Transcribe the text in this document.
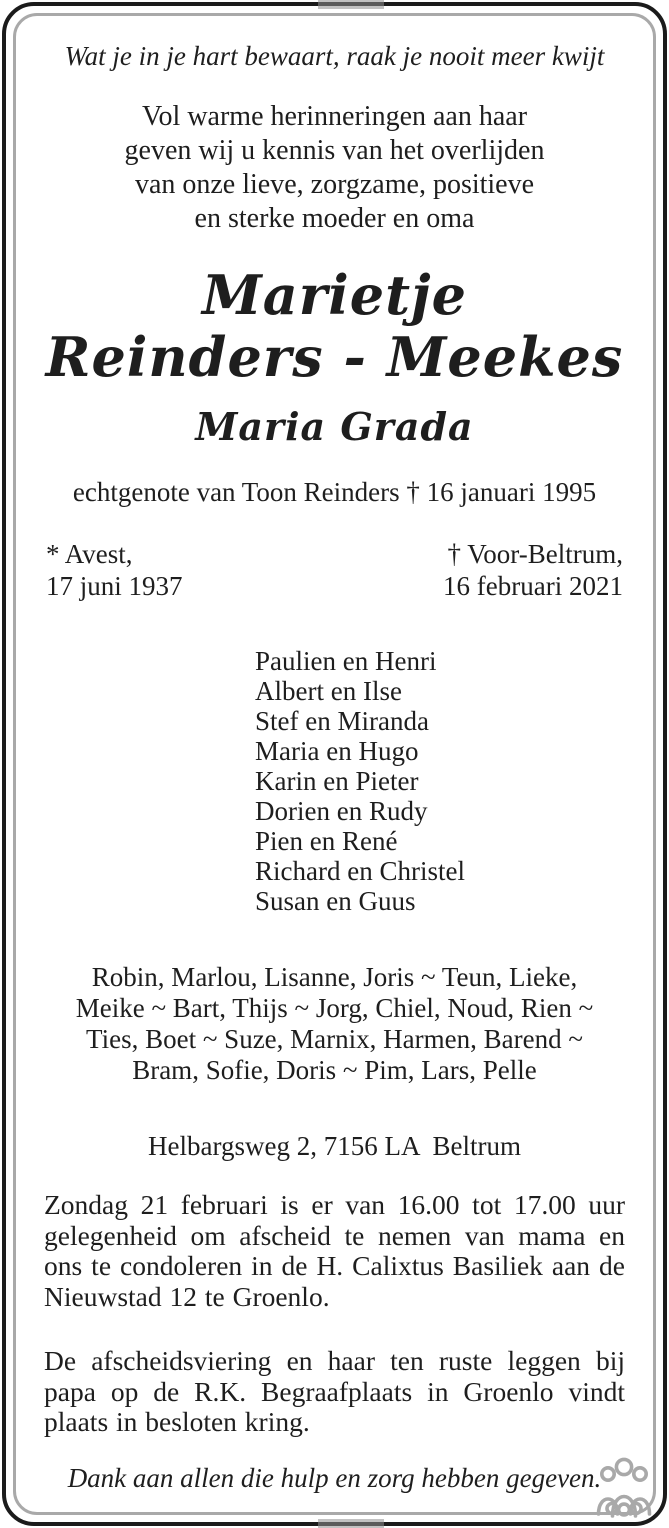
Wat je in je hart bewaart, raak je nooit meer kwijt
Vol warme herinneringen aan haar
geven wij u kennis van het overlijden
van onze lieve, zorgzame, positieve
en sterke moeder en oma
Marietje
Reinders - Meekes
Maria Grada
echtgenote van Toon Reinders † 16 januari 1995
* Avest,
17 juni 1937
† Voor-Beltrum,
16 februari 2021
Paulien en Henri
Albert en Ilse
Stef en Miranda
Maria en Hugo
Karin en Pieter
Dorien en Rudy
Pien en René
Richard en Christel
Susan en Guus
Robin, Marlou, Lisanne, Joris ~ Teun, Lieke,
Meike ~ Bart, Thijs ~ Jorg, Chiel, Noud, Rien ~
Ties, Boet ~ Suze, Marnix, Harmen, Barend ~
Bram, Sofie, Doris ~ Pim, Lars, Pelle
Helbargsweg 2, 7156 LA  Beltrum

Zondag 21 februari is er van 16.00 tot 17.00 uur gelegenheid om afscheid te nemen van mama en ons te condoleren in de H. Calixtus Basiliek aan de Nieuwstad 12 te Groenlo.

De afscheidsviering en haar ten ruste leggen bij papa op de R.K. Begraafplaats in Groenlo vindt plaats in besloten kring.

Dank aan allen die hulp en zorg hebben gegeven.
